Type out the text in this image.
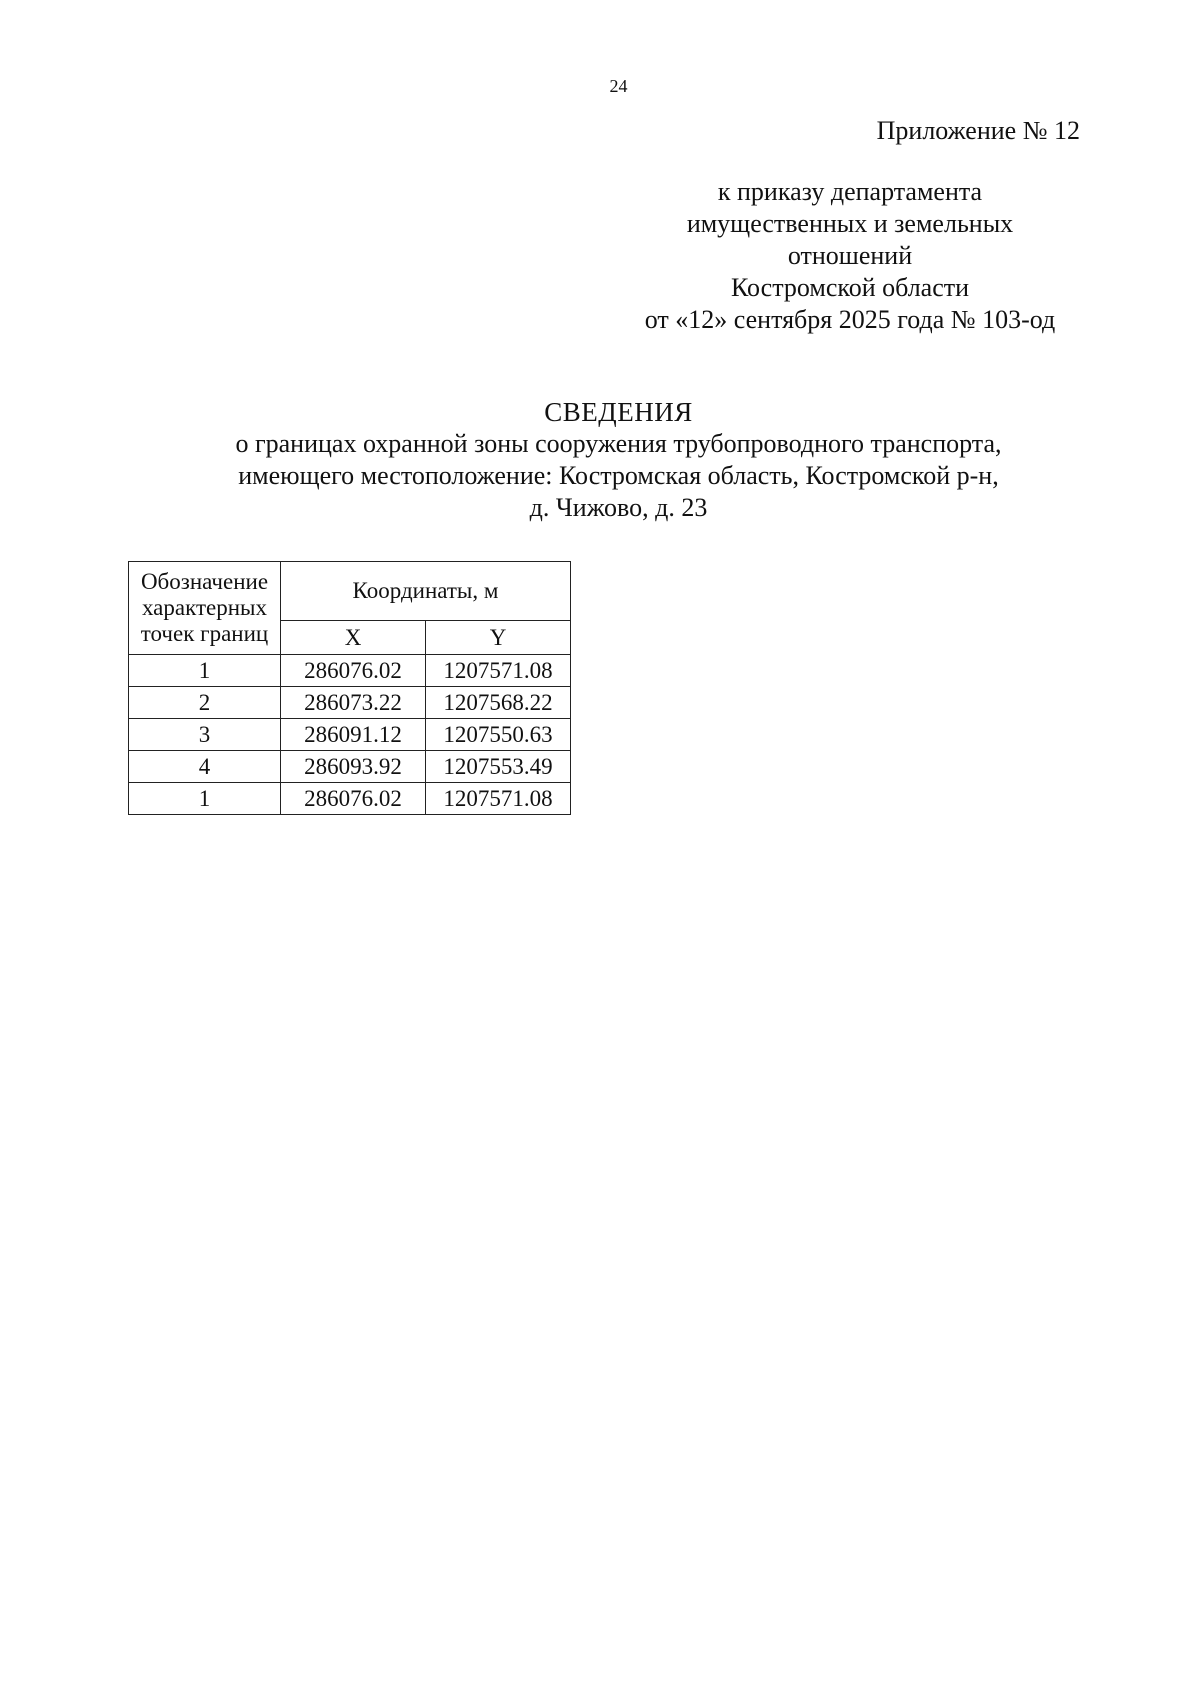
24
Приложение № 12
к приказу департамента
имущественных и земельных
отношений
Костромской области
от «12» сентября 2025 года № 103-од
СВЕДЕНИЯ
о границах охранной зоны сооружения трубопроводного транспорта,
имеющего местоположение: Костромская область, Костромской р-н,
д. Чижово, д. 23
Обозначение
характерных
точек границ	Координаты, м	
	X	Y
1	286076.02	1207571.08
2	286073.22	1207568.22
3	286091.12	1207550.63
4	286093.92	1207553.49
1	286076.02	1207571.08
